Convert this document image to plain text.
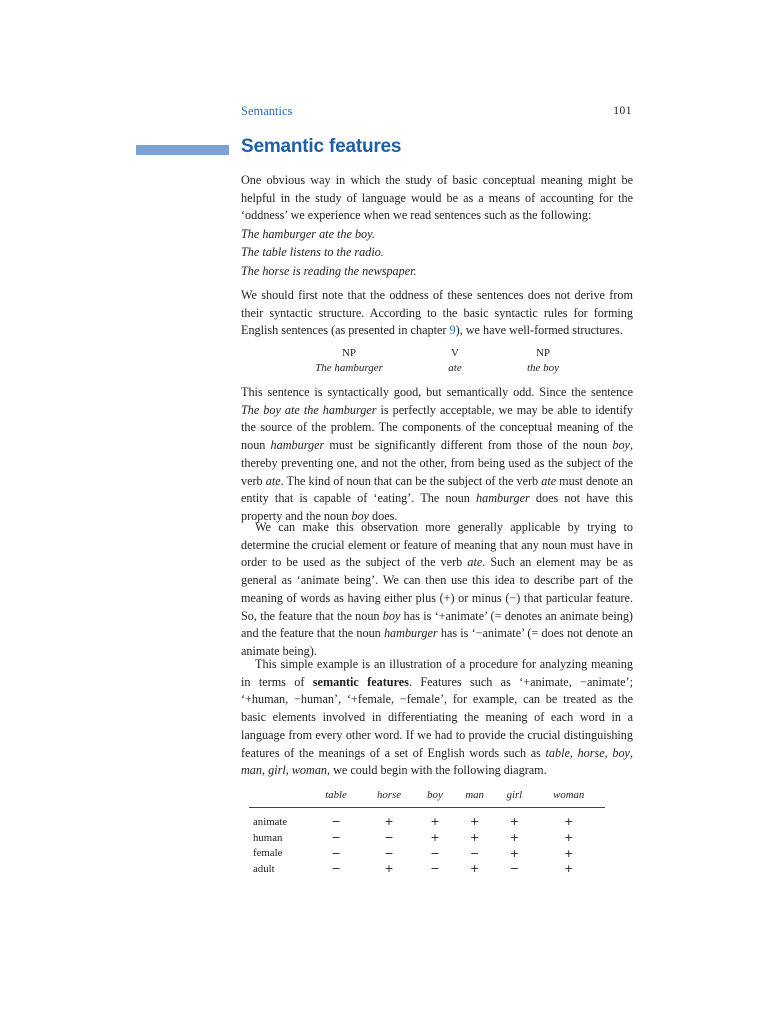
Semantics	101
Semantic features

One obvious way in which the study of basic conceptual meaning might be helpful in the study of language would be as a means of accounting for the ‘oddness’ we experience when we read sentences such as the following:

The hamburger ate the boy.
The table listens to the radio.
The horse is reading the newspaper.

We should first note that the oddness of these sentences does not derive from their syntactic structure. According to the basic syntactic rules for forming English sentences (as presented in chapter 9), we have well-formed structures.

NP	V	NP
The hamburger	ate	the boy

This sentence is syntactically good, but semantically odd. Since the sentence The boy ate the hamburger is perfectly acceptable, we may be able to identify the source of the problem. The components of the conceptual meaning of the noun hamburger must be significantly different from those of the noun boy, thereby preventing one, and not the other, from being used as the subject of the verb ate. The kind of noun that can be the subject of the verb ate must denote an entity that is capable of ‘eating’. The noun hamburger does not have this property and the noun boy does.

We can make this observation more generally applicable by trying to determine the crucial element or feature of meaning that any noun must have in order to be used as the subject of the verb ate. Such an element may be as general as ‘animate being’. We can then use this idea to describe part of the meaning of words as having either plus (+) or minus (−) that particular feature. So, the feature that the noun boy has is ‘+animate’ (= denotes an animate being) and the feature that the noun hamburger has is ‘−animate’ (= does not denote an animate being).

This simple example is an illustration of a procedure for analyzing meaning in terms of semantic features. Features such as ‘+animate, −animate’; ‘+human, −human’, ‘+female, −female’, for example, can be treated as the basic elements involved in differentiating the meaning of each word in a language from every other word. If we had to provide the crucial distinguishing features of the meanings of a set of English words such as table, horse, boy, man, girl, woman, we could begin with the following diagram.

	table	horse	boy	man	girl	woman
animate	−	+	+	+	+	+
human	−	−	+	+	+	+
female	−	−	−	−	+	+
adult	−	+	−	+	−	+
